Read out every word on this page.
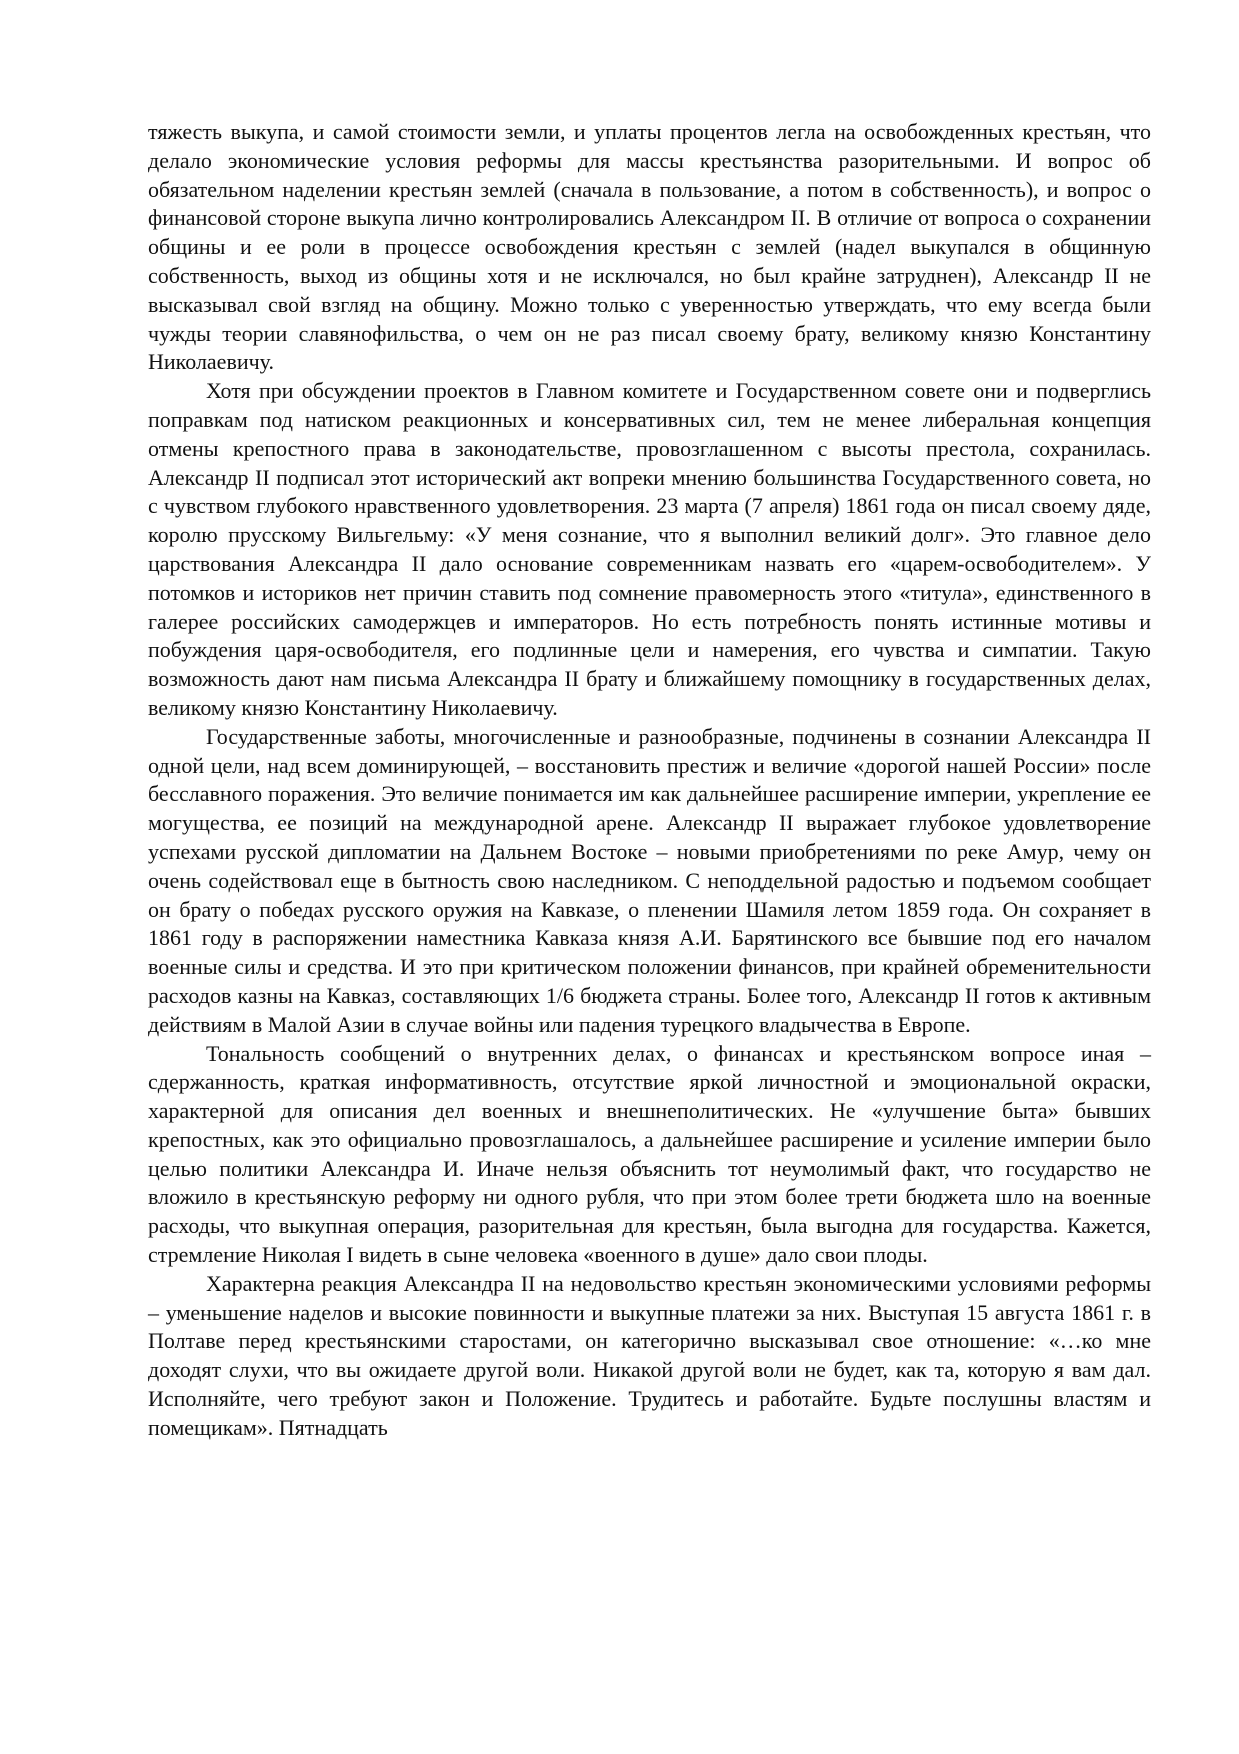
тяжесть выкупа, и самой стоимости земли, и уплаты процентов легла на освобожденных крестьян, что делало экономические условия реформы для массы крестьянства разорительными. И вопрос об обязательном наделении крестьян землей (сначала в пользование, а потом в собственность), и вопрос о финансовой стороне выкупа лично контролировались Александром II. В отличие от вопроса о сохранении общины и ее роли в процессе освобождения крестьян с землей (надел выкупался в общинную собственность, выход из общины хотя и не исключался, но был крайне затруднен), Александр II не высказывал свой взгляд на общину. Можно только с уверенностью утверждать, что ему всегда были чужды теории славянофильства, о чем он не раз писал своему брату, великому князю Константину Николаевичу.

Хотя при обсуждении проектов в Главном комитете и Государственном совете они и подверглись поправкам под натиском реакционных и консервативных сил, тем не менее либеральная концепция отмены крепостного права в законодательстве, провозглашенном с высоты престола, сохранилась. Александр II подписал этот исторический акт вопреки мнению большинства Государственного совета, но с чувством глубокого нравственного удовлетворения. 23 марта (7 апреля) 1861 года он писал своему дяде, королю прусскому Вильгельму: «У меня сознание, что я выполнил великий долг». Это главное дело царствования Александра II дало основание современникам назвать его «царем-освободителем». У потомков и историков нет причин ставить под сомнение правомерность этого «титула», единственного в галерее российских самодержцев и императоров. Но есть потребность понять истинные мотивы и побуждения царя-освободителя, его подлинные цели и намерения, его чувства и симпатии. Такую возможность дают нам письма Александра II брату и ближайшему помощнику в государственных делах, великому князю Константину Николаевичу.

Государственные заботы, многочисленные и разнообразные, подчинены в сознании Александра II одной цели, над всем доминирующей, – восстановить престиж и величие «дорогой нашей России» после бесславного поражения. Это величие понимается им как дальнейшее расширение империи, укрепление ее могущества, ее позиций на международной арене. Александр II выражает глубокое удовлетворение успехами русской дипломатии на Дальнем Востоке – новыми приобретениями по реке Амур, чему он очень содействовал еще в бытность свою наследником. С неподдельной радостью и подъемом сообщает он брату о победах русского оружия на Кавказе, о пленении Шамиля летом 1859 года. Он сохраняет в 1861 году в распоряжении наместника Кавказа князя А.И. Барятинского все бывшие под его началом военные силы и средства. И это при критическом положении финансов, при крайней обременительности расходов казны на Кавказ, составляющих 1/6 бюджета страны. Более того, Александр II готов к активным действиям в Малой Азии в случае войны или падения турецкого владычества в Европе.

Тональность сообщений о внутренних делах, о финансах и крестьянском вопросе иная – сдержанность, краткая информативность, отсутствие яркой личностной и эмоциональной окраски, характерной для описания дел военных и внешнеполитических. Не «улучшение быта» бывших крепостных, как это официально провозглашалось, а дальнейшее расширение и усиление империи было целью политики Александра И. Иначе нельзя объяснить тот неумолимый факт, что государство не вложило в крестьянскую реформу ни одного рубля, что при этом более трети бюджета шло на военные расходы, что выкупная операция, разорительная для крестьян, была выгодна для государства. Кажется, стремление Николая I видеть в сыне человека «военного в душе» дало свои плоды.

Характерна реакция Александра II на недовольство крестьян экономическими условиями реформы – уменьшение наделов и высокие повинности и выкупные платежи за них. Выступая 15 августа 1861 г. в Полтаве перед крестьянскими старостами, он категорично высказывал свое отношение: «…ко мне доходят слухи, что вы ожидаете другой воли. Никакой другой воли не будет, как та, которую я вам дал. Исполняйте, чего требуют закон и Положение. Трудитесь и работайте. Будьте послушны властям и помещикам». Пятнадцать
